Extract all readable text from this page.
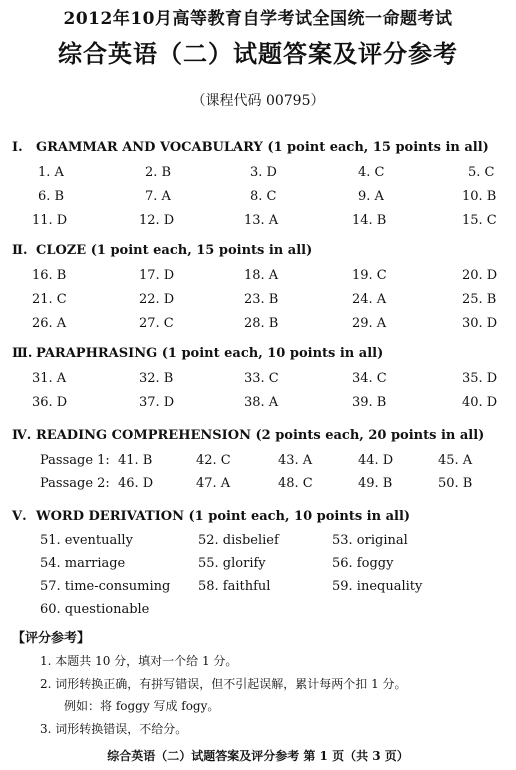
2012年10月高等教育自学考试全国统一命题考试
综合英语（二）试题答案及评分参考
（课程代码 00795）
Ⅰ. GRAMMAR AND VOCABULARY (1 point each, 15 points in all)
1. A	2. B	3. D	4. C	5. C
6. B	7. A	8. C	9. A	10. B
11. D	12. D	13. A	14. B	15. C
Ⅱ. CLOZE (1 point each, 15 points in all)
16. B	17. D	18. A	19. C	20. D
21. C	22. D	23. B	24. A	25. B
26. A	27. C	28. B	29. A	30. D
Ⅲ. PARAPHRASING (1 point each, 10 points in all)
31. A	32. B	33. C	34. C	35. D
36. D	37. D	38. A	39. B	40. D
Ⅳ. READING COMPREHENSION (2 points each, 20 points in all)
Passage 1: 41. B	42. C	43. A	44. D	45. A
Passage 2: 46. D	47. A	48. C	49. B	50. B
Ⅴ. WORD DERIVATION (1 point each, 10 points in all)
51. eventually	52. disbelief	53. original
54. marriage	55. glorify	56. foggy
57. time-consuming 58. faithful	59. inequality
60. questionable
【评分参考】
1. 本题共 10 分，填对一个给 1 分。
2. 词形转换正确，有拼写错误，但不引起误解，累计每两个扣 1 分。
例如：将 foggy 写成 fogy。
3. 词形转换错误，不给分。
综合英语（二）试题答案及评分参考 第 1 页（共 3 页）
